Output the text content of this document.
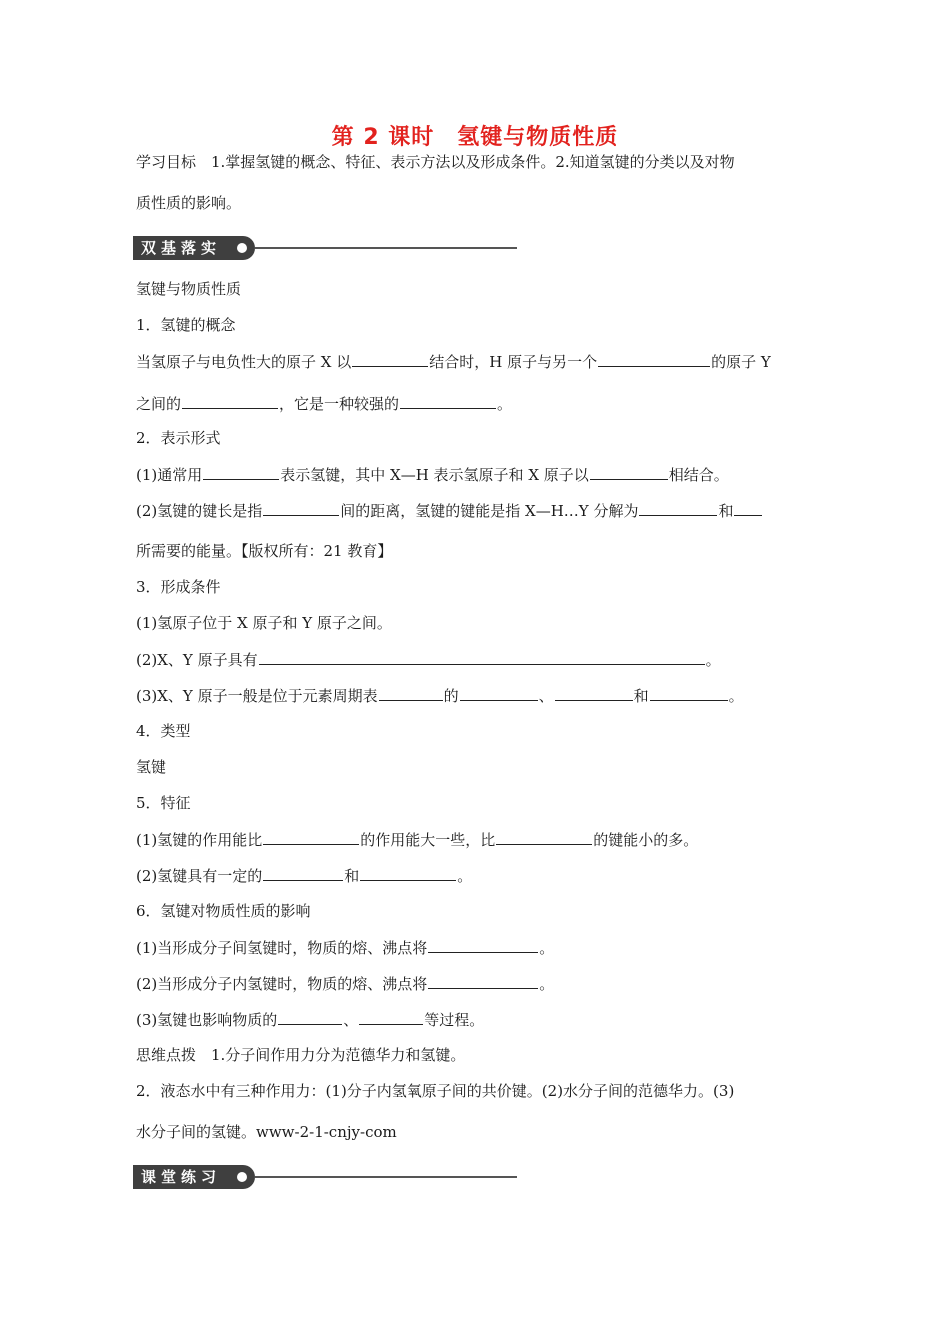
第 2 课时　氢键与物质性质
学习目标　1.掌握氢键的概念、特征、表示方法以及形成条件。2.知道氢键的分类以及对物
质性质的影响。
双基落实
氢键与物质性质
1．氢键的概念
当氢原子与电负性大的原子 X 以	结合时，H 原子与另一个	的原子 Y
之间的	，它是一种较强的	。
2．表示形式
(1)通常用	表示氢键，其中 X—H 表示氢原子和 X 原子以	相结合。
(2)氢键的键长是指	间的距离，氢键的键能是指 X—H…Y 分解为	和
所需要的能量。【版权所有：21 教育】
3．形成条件
(1)氢原子位于 X 原子和 Y 原子之间。
(2)X、Y 原子具有	。
(3)X、Y 原子一般是位于元素周期表	的	、	和	。
4．类型
氢键
5．特征
(1)氢键的作用能比	的作用能大一些，比	的键能小的多。
(2)氢键具有一定的	和	。
6．氢键对物质性质的影响
(1)当形成分子间氢键时，物质的熔、沸点将	。
(2)当形成分子内氢键时，物质的熔、沸点将	。
(3)氢键也影响物质的	、	等过程。
思维点拨　1.分子间作用力分为范德华力和氢键。
2．液态水中有三种作用力：(1)分子内氢氧原子间的共价键。(2)水分子间的范德华力。(3)
水分子间的氢键。www-2-1-cnjy-com
课堂练习
